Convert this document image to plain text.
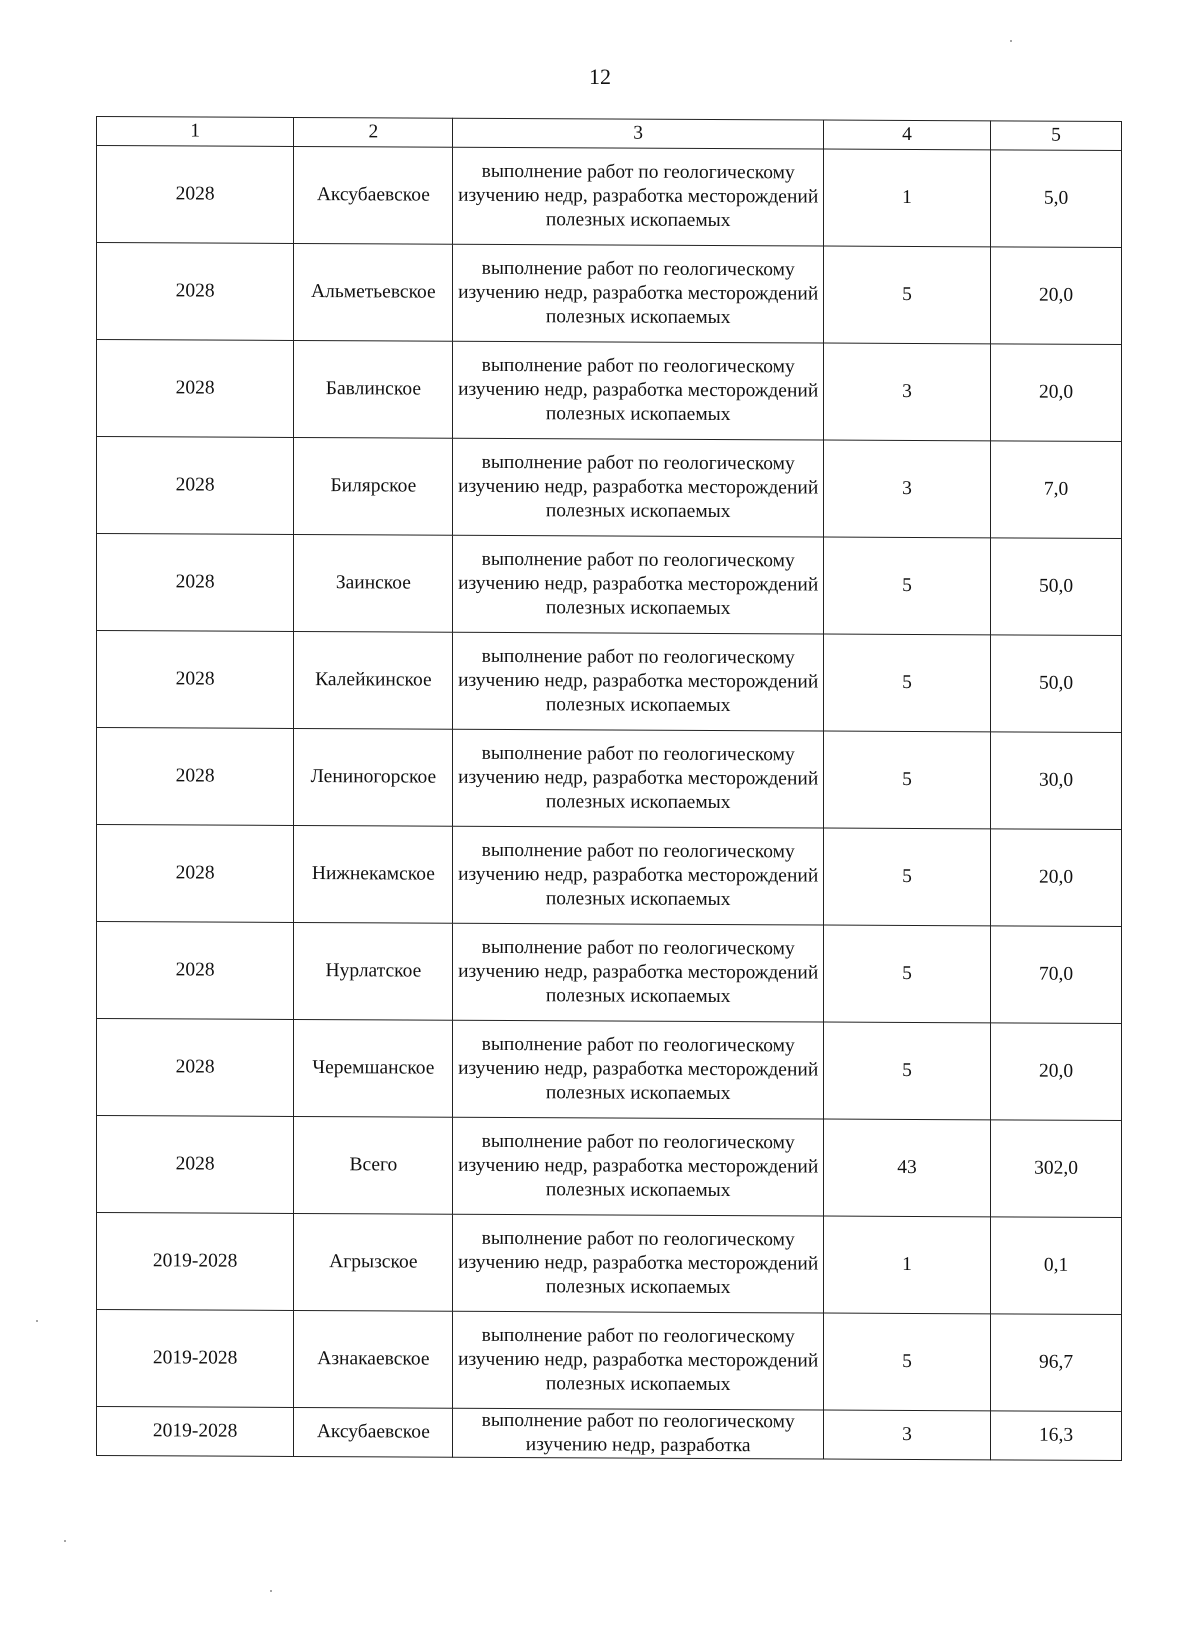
12
1	2	3	4	5
2028	Аксубаевское	выполнение работ по геологическому изучению недр, разработка месторождений полезных ископаемых	1	5,0
2028	Альметьевское	выполнение работ по геологическому изучению недр, разработка месторождений полезных ископаемых	5	20,0
2028	Бавлинское	выполнение работ по геологическому изучению недр, разработка месторождений полезных ископаемых	3	20,0
2028	Билярское	выполнение работ по геологическому изучению недр, разработка месторождений полезных ископаемых	3	7,0
2028	Заинское	выполнение работ по геологическому изучению недр, разработка месторождений полезных ископаемых	5	50,0
2028	Калейкинское	выполнение работ по геологическому изучению недр, разработка месторождений полезных ископаемых	5	50,0
2028	Лениногорское	выполнение работ по геологическому изучению недр, разработка месторождений полезных ископаемых	5	30,0
2028	Нижнекамское	выполнение работ по геологическому изучению недр, разработка месторождений полезных ископаемых	5	20,0
2028	Нурлатское	выполнение работ по геологическому изучению недр, разработка месторождений полезных ископаемых	5	70,0
2028	Черемшанское	выполнение работ по геологическому изучению недр, разработка месторождений полезных ископаемых	5	20,0
2028	Всего	выполнение работ по геологическому изучению недр, разработка месторождений полезных ископаемых	43	302,0
2019-2028	Агрызское	выполнение работ по геологическому изучению недр, разработка месторождений полезных ископаемых	1	0,1
2019-2028	Азнакаевское	выполнение работ по геологическому изучению недр, разработка месторождений полезных ископаемых	5	96,7
2019-2028	Аксубаевское	выполнение работ по геологическому изучению недр, разработка	3	16,3
